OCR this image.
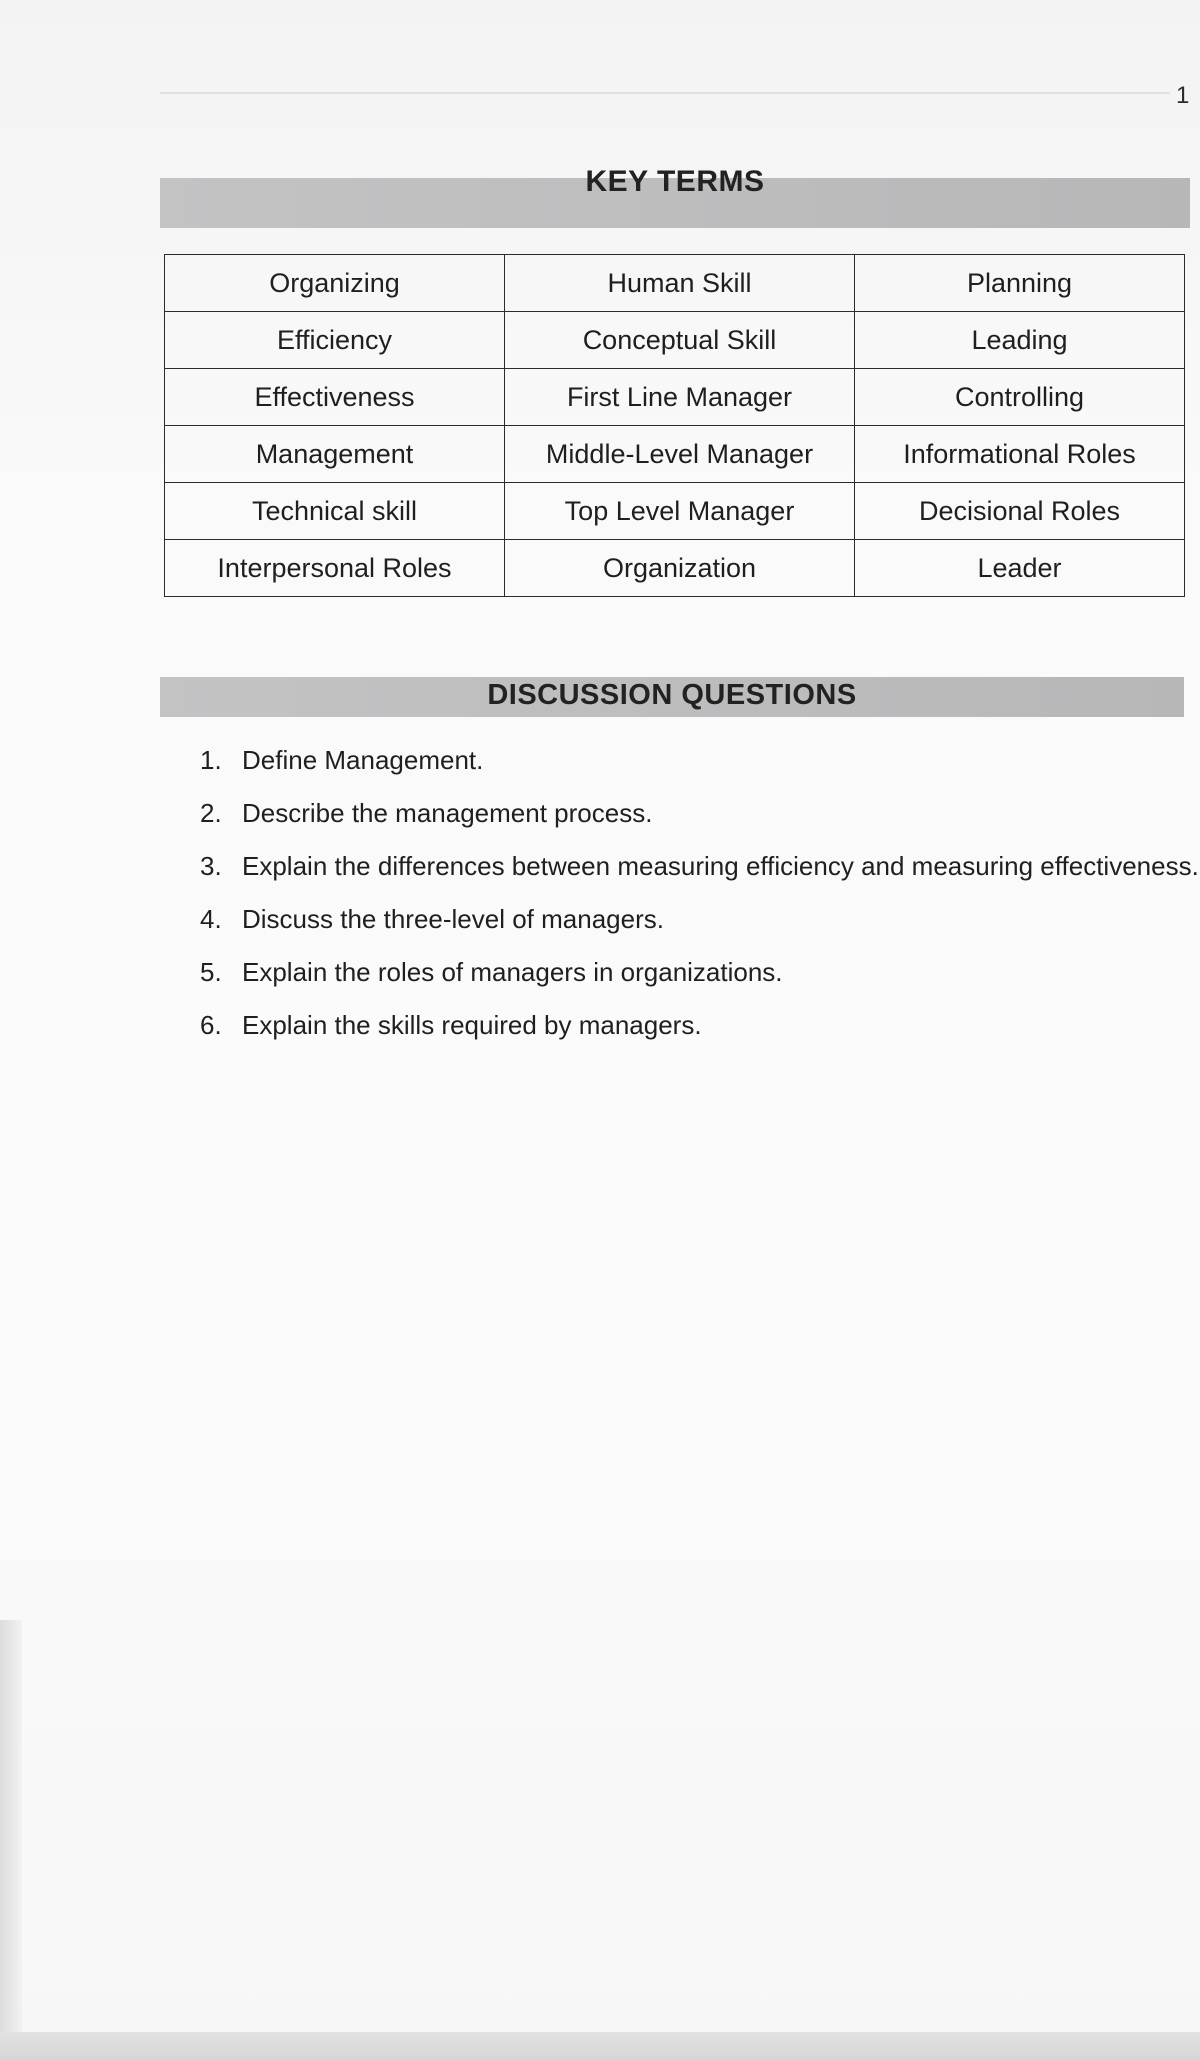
1
KEY TERMS
Organizing	Human Skill	Planning
Efficiency	Conceptual Skill	Leading
Effectiveness	First Line Manager	Controlling
Management	Middle-Level Manager	Informational Roles
Technical skill	Top Level Manager	Decisional Roles
Interpersonal Roles	Organization	Leader
DISCUSSION QUESTIONS
1. Define Management.
2. Describe the management process.
3. Explain the differences between measuring efficiency and measuring effectiveness.
4. Discuss the three-level of managers.
5. Explain the roles of managers in organizations.
6. Explain the skills required by managers.
